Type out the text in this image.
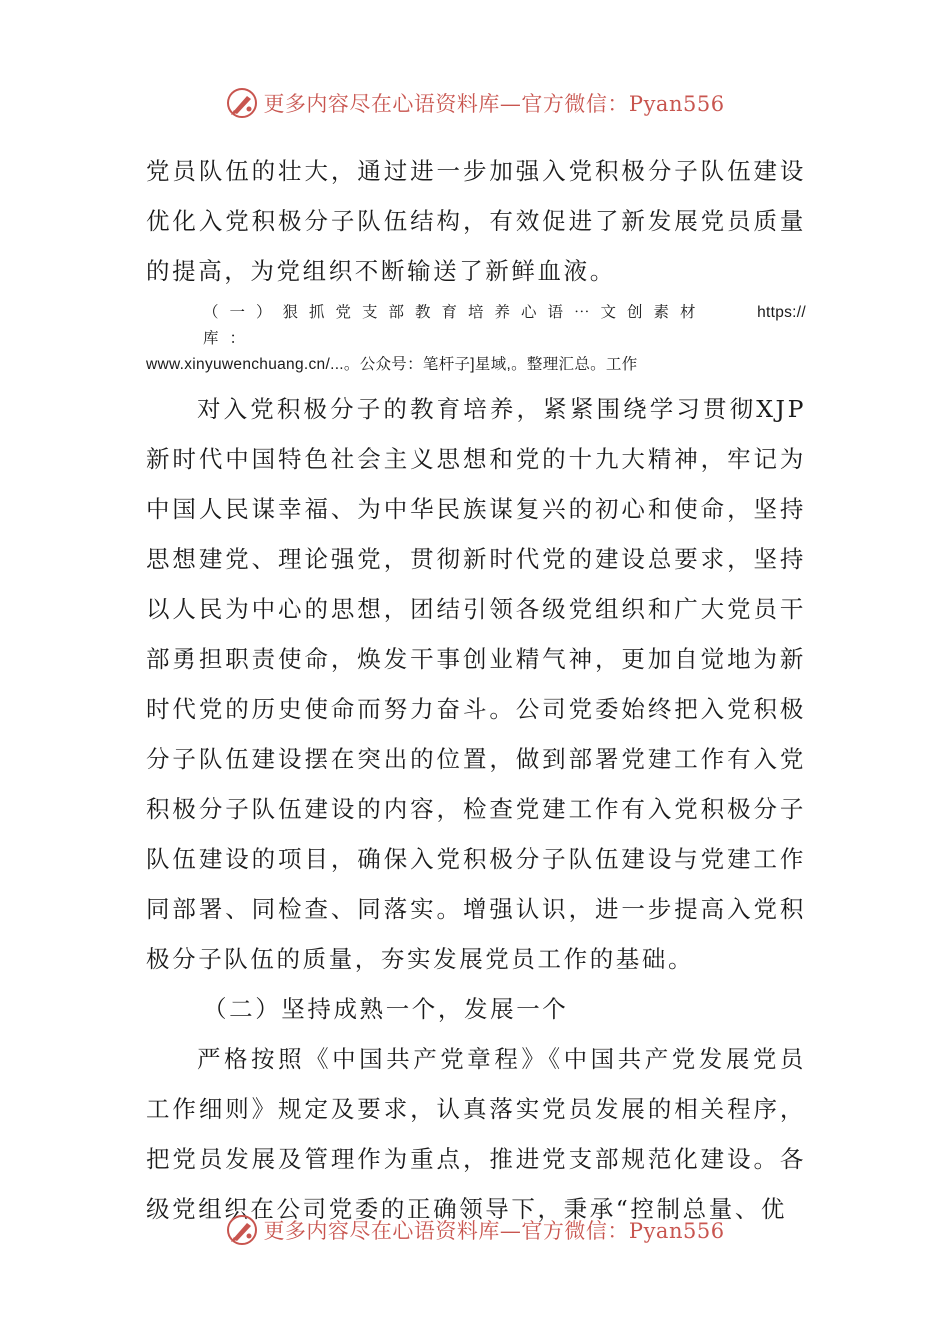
更多内容尽在心语资料库—官方微信：Pyan556

党员队伍的壮大，通过进一步加强入党积极分子队伍建设优化入党积极分子队伍结构，有效促进了新发展党员质量的提高，为党组织不断输送了新鲜血液。

（一）狠抓党支部教育培养心语⋯文创素材库：
https://
www.xinyuwenchuang.cn/...。公众号：笔杆子]星域,。整理汇总。工作

对入党积极分子的教育培养，紧紧围绕学习贯彻XJP新时代中国特色社会主义思想和党的十九大精神，牢记为中国人民谋幸福、为中华民族谋复兴的初心和使命，坚持思想建党、理论强党，贯彻新时代党的建设总要求，坚持以人民为中心的思想，团结引领各级党组织和广大党员干部勇担职责使命，焕发干事创业精气神，更加自觉地为新时代党的历史使命而努力奋斗。公司党委始终把入党积极分子队伍建设摆在突出的位置，做到部署党建工作有入党积极分子队伍建设的内容，检查党建工作有入党积极分子队伍建设的项目，确保入党积极分子队伍建设与党建工作同部署、同检查、同落实。增强认识，进一步提高入党积极分子队伍的质量，夯实发展党员工作的基础。

（二）坚持成熟一个，发展一个

严格按照《中国共产党章程》《中国共产党发展党员工作细则》规定及要求，认真落实党员发展的相关程序，把党员发展及管理作为重点，推进党支部规范化建设。各级党组织在公司党委的正确领导下，秉承“控制总量、优

更多内容尽在心语资料库—官方微信：Pyan556
